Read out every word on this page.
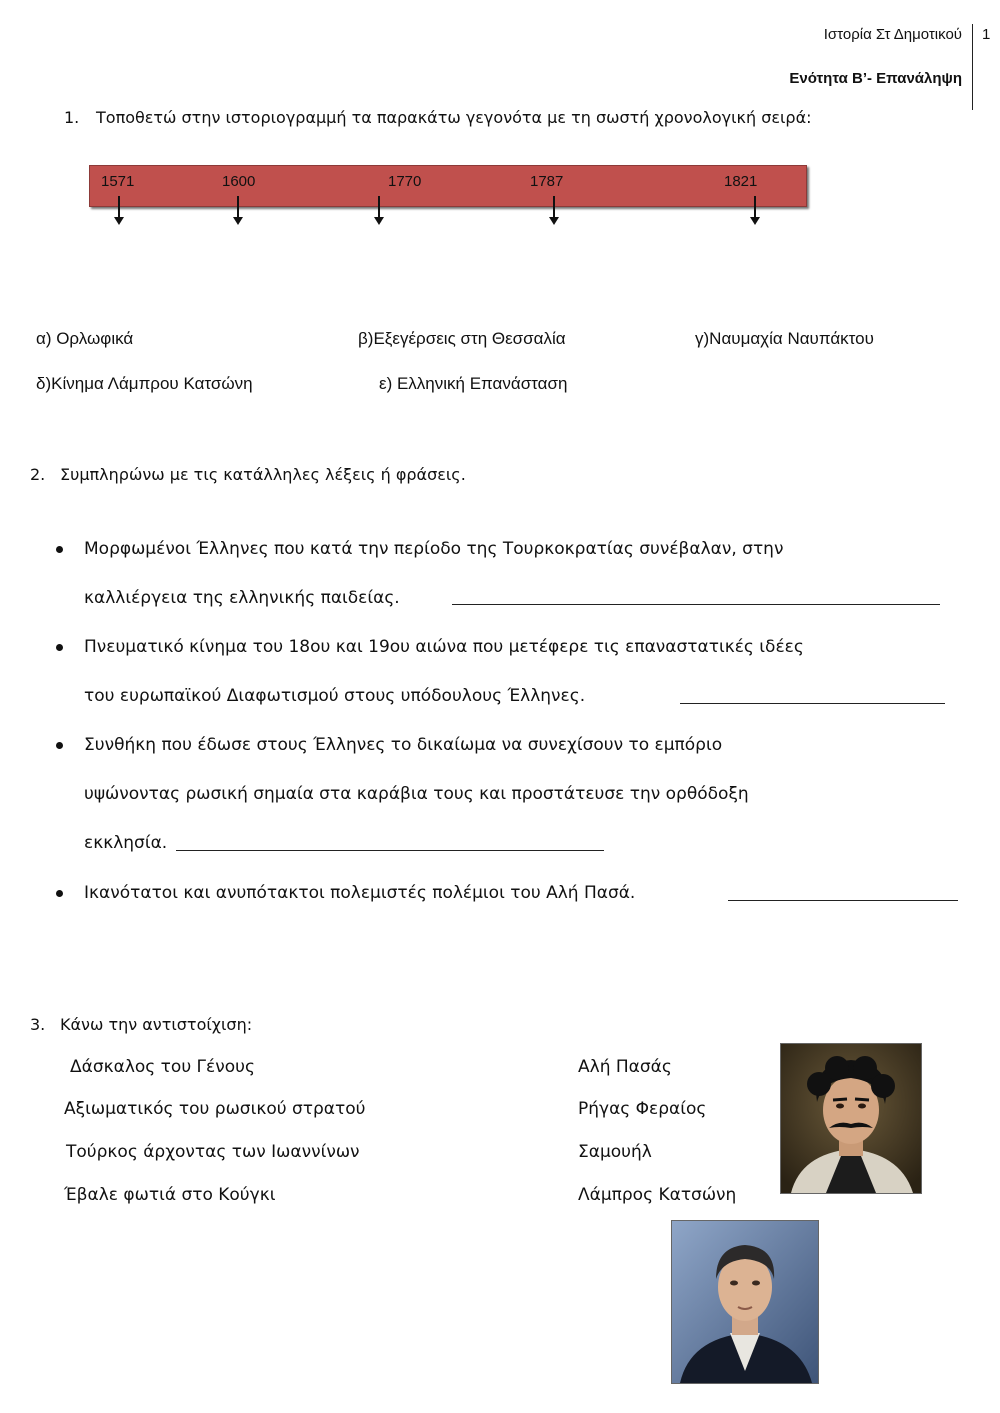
Ιστορία Στ Δημοτικού
Ενότητα Β’- Επανάληψη
1
1. Τοποθετώ στην ιστοριογραμμή τα παρακάτω γεγονότα με τη σωστή χρονολογική σειρά:
1571	1600	1770	1787	1821
α) Ορλωφικά	β)Εξεγέρσεις στη Θεσσαλία	γ)Ναυμαχία Ναυπάκτου
δ)Κίνημα Λάμπρου Κατσώνη	ε) Ελληνική Επανάσταση
2. Συμπληρώνω με τις κατάλληλες λέξεις ή φράσεις.
Μορφωμένοι Έλληνες που κατά την περίοδο της Τουρκοκρατίας συνέβαλαν, στην
καλλιέργεια της ελληνικής παιδείας.
Πνευματικό κίνημα του 18ου και 19ου αιώνα που μετέφερε τις επαναστατικές ιδέες
του ευρωπαϊκού Διαφωτισμού στους υπόδουλους Έλληνες.
Συνθήκη που έδωσε στους Έλληνες το δικαίωμα να συνεχίσουν το εμπόριο
υψώνοντας ρωσική σημαία στα καράβια τους και προστάτευσε την ορθόδοξη
εκκλησία.
Ικανότατοι και ανυπότακτοι πολεμιστές πολέμιοι του Αλή Πασά.
3. Κάνω την αντιστοίχιση:
Δάσκαλος του Γένους
Αξιωματικός του ρωσικού στρατού
Τούρκος άρχοντας των Ιωαννίνων
Έβαλε φωτιά στο Κούγκι
Αλή Πασάς
Ρήγας Φεραίος
Σαμουήλ
Λάμπρος Κατσώνη
